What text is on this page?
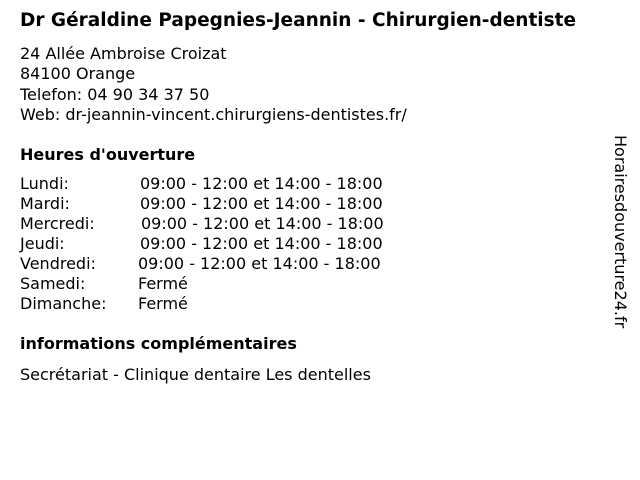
Dr Géraldine Papegnies-Jeannin - Chirurgien-dentiste
24 Allée Ambroise Croizat
84100 Orange
Telefon: 04 90 34 37 50
Web: dr-jeannin-vincent.chirurgiens-dentistes.fr/
Heures d'ouverture
Lundi:	09:00 - 12:00 et 14:00 - 18:00
Mardi:	09:00 - 12:00 et 14:00 - 18:00
Mercredi:	09:00 - 12:00 et 14:00 - 18:00
Jeudi:	09:00 - 12:00 et 14:00 - 18:00
Vendredi:	09:00 - 12:00 et 14:00 - 18:00
Samedi:	Fermé
Dimanche: Fermé
informations complémentaires
Secrétariat - Clinique dentaire Les dentelles
Horairesdouverture24.fr
